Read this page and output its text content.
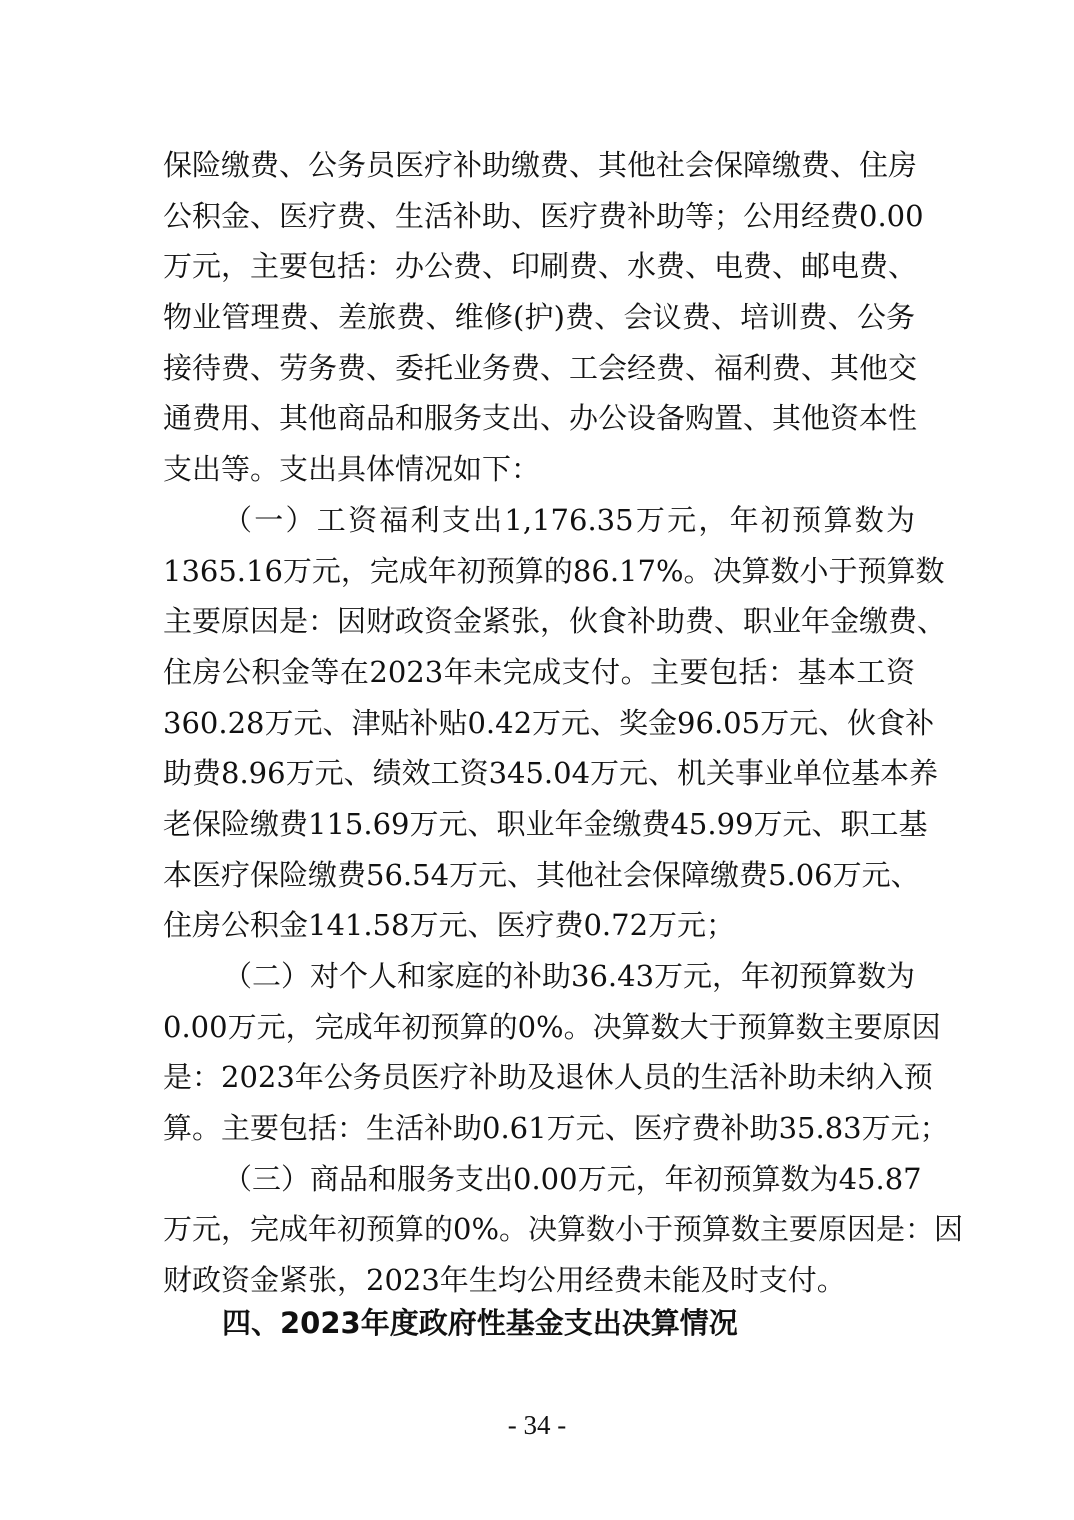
保险缴费、公务员医疗补助缴费、其他社会保障缴费、住房
公积金、医疗费、生活补助、医疗费补助等；公用经费0.00
万元，主要包括：办公费、印刷费、水费、电费、邮电费、
物业管理费、差旅费、维修(护)费、会议费、培训费、公务
接待费、劳务费、委托业务费、工会经费、福利费、其他交
通费用、其他商品和服务支出、办公设备购置、其他资本性
支出等。支出具体情况如下：
（一）工资福利支出1,176.35万元，年初预算数为
1365.16万元，完成年初预算的86.17%。决算数小于预算数
主要原因是：因财政资金紧张，伙食补助费、职业年金缴费、
住房公积金等在2023年未完成支付。主要包括：基本工资
360.28万元、津贴补贴0.42万元、奖金96.05万元、伙食补
助费8.96万元、绩效工资345.04万元、机关事业单位基本养
老保险缴费115.69万元、职业年金缴费45.99万元、职工基
本医疗保险缴费56.54万元、其他社会保障缴费5.06万元、
住房公积金141.58万元、医疗费0.72万元；
（二）对个人和家庭的补助36.43万元，年初预算数为
0.00万元，完成年初预算的0%。决算数大于预算数主要原因
是：2023年公务员医疗补助及退休人员的生活补助未纳入预
算。主要包括：生活补助0.61万元、医疗费补助35.83万元；
（三）商品和服务支出0.00万元，年初预算数为45.87
万元，完成年初预算的0%。决算数小于预算数主要原因是：因
财政资金紧张，2023年生均公用经费未能及时支付。
四、2023年度政府性基金支出决算情况
- 34 -
